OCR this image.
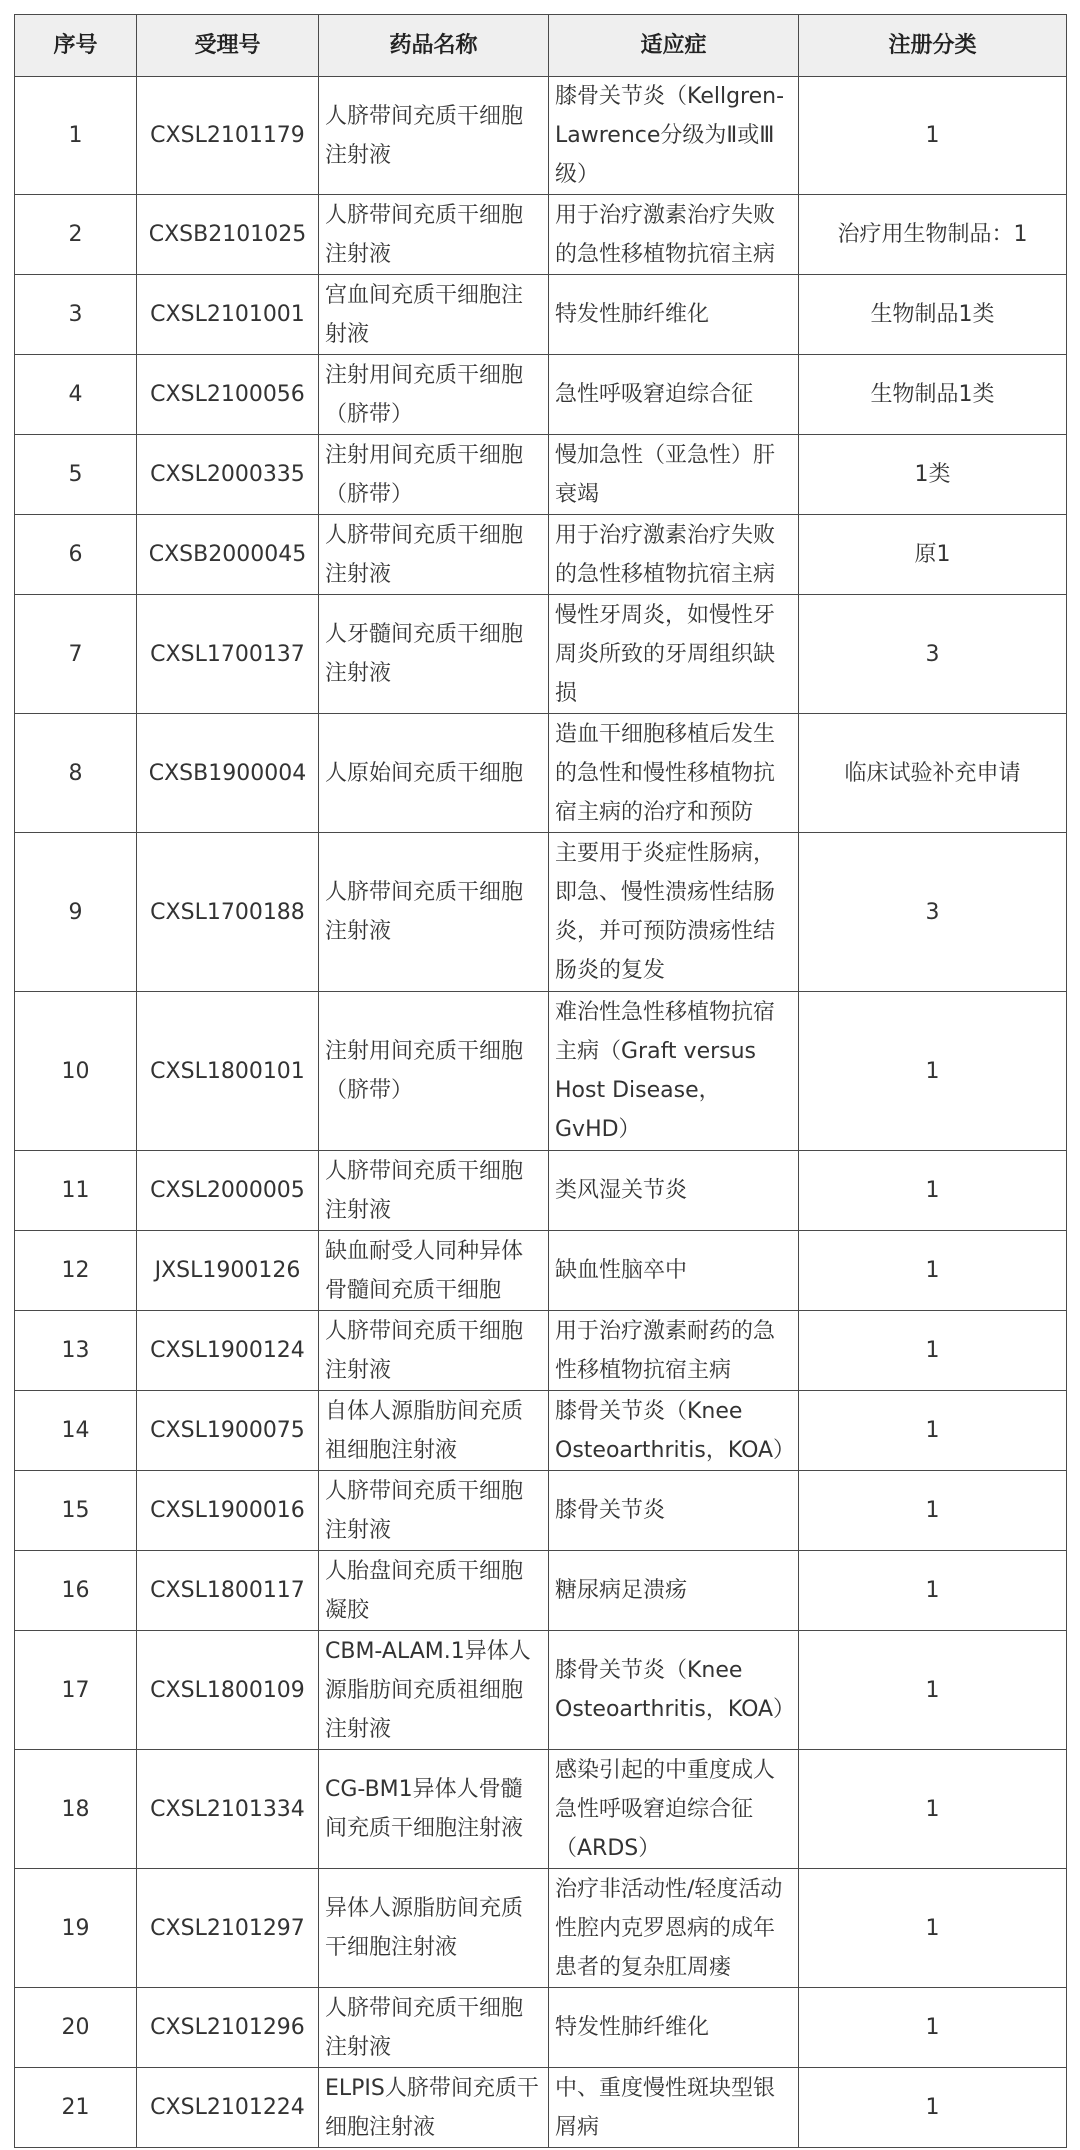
序号	受理号	药品名称	适应症	注册分类
1	CXSL2101179	人脐带间充质干细胞注射液	膝骨关节炎（Kellgren-Lawrence分级为Ⅱ或Ⅲ级）	1
2	CXSB2101025	人脐带间充质干细胞注射液	用于治疗激素治疗失败的急性移植物抗宿主病	治疗用生物制品：1
3	CXSL2101001	宫血间充质干细胞注射液	特发性肺纤维化	生物制品1类
4	CXSL2100056	注射用间充质干细胞（脐带）	急性呼吸窘迫综合征	生物制品1类
5	CXSL2000335	注射用间充质干细胞（脐带）	慢加急性（亚急性）肝衰竭	1类
6	CXSB2000045	人脐带间充质干细胞注射液	用于治疗激素治疗失败的急性移植物抗宿主病	原1
7	CXSL1700137	人牙髓间充质干细胞注射液	慢性牙周炎，如慢性牙周炎所致的牙周组织缺损	3
8	CXSB1900004	人原始间充质干细胞	造血干细胞移植后发生的急性和慢性移植物抗宿主病的治疗和预防	临床试验补充申请
9	CXSL1700188	人脐带间充质干细胞注射液	主要用于炎症性肠病，即急、慢性溃疡性结肠炎，并可预防溃疡性结肠炎的复发	3
10	CXSL1800101	注射用间充质干细胞（脐带）	难治性急性移植物抗宿主病（Graft versus Host Disease，GvHD）	1
11	CXSL2000005	人脐带间充质干细胞注射液	类风湿关节炎	1
12	JXSL1900126	缺血耐受人同种异体骨髓间充质干细胞	缺血性脑卒中	1
13	CXSL1900124	人脐带间充质干细胞注射液	用于治疗激素耐药的急性移植物抗宿主病	1
14	CXSL1900075	自体人源脂肪间充质祖细胞注射液	膝骨关节炎（Knee Osteoarthritis，KOA）	1
15	CXSL1900016	人脐带间充质干细胞注射液	膝骨关节炎	1
16	CXSL1800117	人胎盘间充质干细胞凝胶	糖尿病足溃疡	1
17	CXSL1800109	CBM-ALAM.1异体人源脂肪间充质祖细胞注射液	膝骨关节炎（Knee Osteoarthritis，KOA）	1
18	CXSL2101334	CG-BM1异体人骨髓间充质干细胞注射液	感染引起的中重度成人急性呼吸窘迫综合征（ARDS）	1
19	CXSL2101297	异体人源脂肪间充质干细胞注射液	治疗非活动性/轻度活动性腔内克罗恩病的成年患者的复杂肛周瘘	1
20	CXSL2101296	人脐带间充质干细胞注射液	特发性肺纤维化	1
21	CXSL2101224	ELPIS人脐带间充质干细胞注射液	中、重度慢性斑块型银屑病	1
